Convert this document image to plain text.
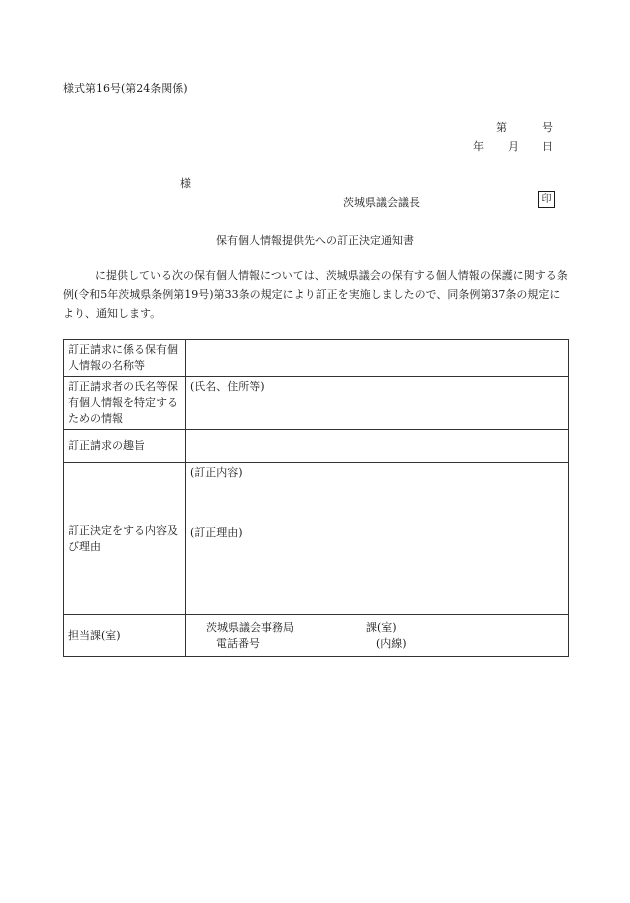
様式第16号(第24条関係)
第	号
年 月 日
様
茨城県議会議長	印
保有個人情報提供先への訂正決定通知書
に提供している次の保有個人情報については、茨城県議会の保有する個人情報の保護に関する条例(令和5年茨城県条例第19号)第33条の規定により訂正を実施しましたので、同条例第37条の規定により、通知します。
訂正請求に係る保有個人情報の名称等	
訂正請求者の氏名等保有個人情報を特定するための情報	(氏名、住所等)
訂正請求の趣旨	
訂正決定をする内容及び理由	(訂正内容)
(訂正理由)

担当課(室)	茨城県議会事務局 課(室)
電話番号 (内線)
